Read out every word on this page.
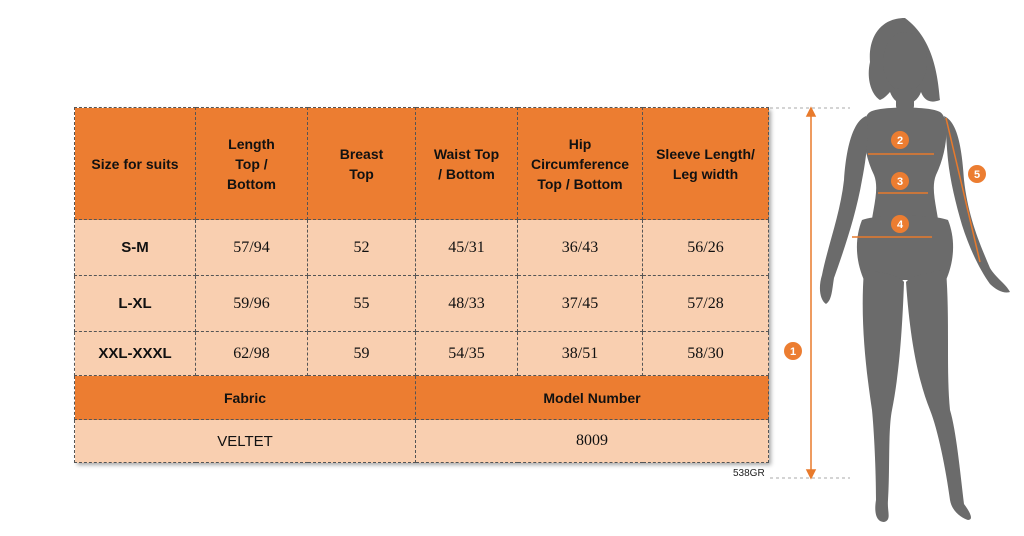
Size for suits	Length Top / Bottom	Breast Top	Waist Top / Bottom	Hip Circumference Top / Bottom	Sleeve Length/ Leg width

S-M	57/94	52	45/31	36/43	56/26
L-XL	59/96	55	48/33	37/45	57/28
XXL-XXXL	62/98	59	54/35	38/51	58/30
Fabric			Model Number		
VELTET			8009		
538GR
1
2
3
4
5
